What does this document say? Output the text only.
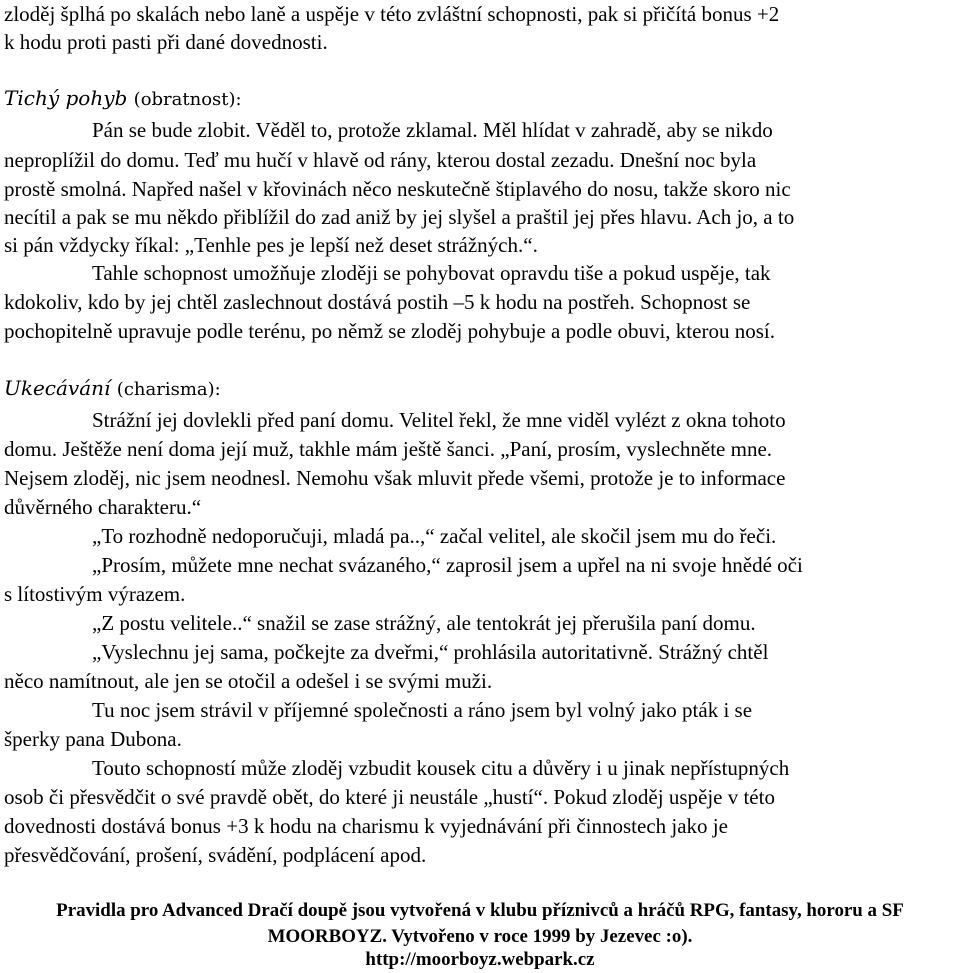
zloděj šplhá po skalách nebo laně a uspěje v této zvláštní schopnosti, pak si přičítá bonus +2
k hodu proti pasti při dané dovednosti.
Tichý pohyb (obratnost):
Pán se bude zlobit. Věděl to, protože zklamal. Měl hlídat v zahradě, aby se nikdo
neproplížil do domu. Teď mu hučí v hlavě od rány, kterou dostal zezadu. Dnešní noc byla
prostě smolná. Napřed našel v křovinách něco neskutečně štiplavého do nosu, takže skoro nic
necítil a pak se mu někdo přiblížil do zad aniž by jej slyšel a praštil jej přes hlavu. Ach jo, a to
si pán vždycky říkal: „Tenhle pes je lepší než deset strážných.“.
Tahle schopnost umožňuje zloději se pohybovat opravdu tiše a pokud uspěje, tak
kdokoliv, kdo by jej chtěl zaslechnout dostává postih –5 k hodu na postřeh. Schopnost se
pochopitelně upravuje podle terénu, po němž se zloděj pohybuje a podle obuvi, kterou nosí.
Ukecávání (charisma):
Strážní jej dovlekli před paní domu. Velitel řekl, že mne viděl vylézt z okna tohoto
domu. Ještěže není doma její muž, takhle mám ještě šanci. „Paní, prosím, vyslechněte mne.
Nejsem zloděj, nic jsem neodnesl. Nemohu však mluvit přede všemi, protože je to informace
důvěrného charakteru.“
„To rozhodně nedoporučuji, mladá pa..,“ začal velitel, ale skočil jsem mu do řeči.
„Prosím, můžete mne nechat svázaného,“ zaprosil jsem a upřel na ni svoje hnědé oči
s lítostivým výrazem.
„Z postu velitele..“ snažil se zase strážný, ale tentokrát jej přerušila paní domu.
„Vyslechnu jej sama, počkejte za dveřmi,“ prohlásila autoritativně. Strážný chtěl
něco namítnout, ale jen se otočil a odešel i se svými muži.
Tu noc jsem strávil v příjemné společnosti a ráno jsem byl volný jako pták i se
šperky pana Dubona.
Touto schopností může zloděj vzbudit kousek citu a důvěry i u jinak nepřístupných
osob či přesvědčit o své pravdě obět, do které ji neustále „hustí“. Pokud zloděj uspěje v této
dovednosti dostává bonus +3 k hodu na charismu k vyjednávání při činnostech jako je
přesvědčování, prošení, svádění, podplácení apod.
Pravidla pro Advanced Dračí doupě jsou vytvořená v klubu příznivců a hráčů RPG, fantasy, hororu a SF
MOORBOYZ. Vytvořeno v roce 1999 by Jezevec :o).
http://moorboyz.webpark.cz
